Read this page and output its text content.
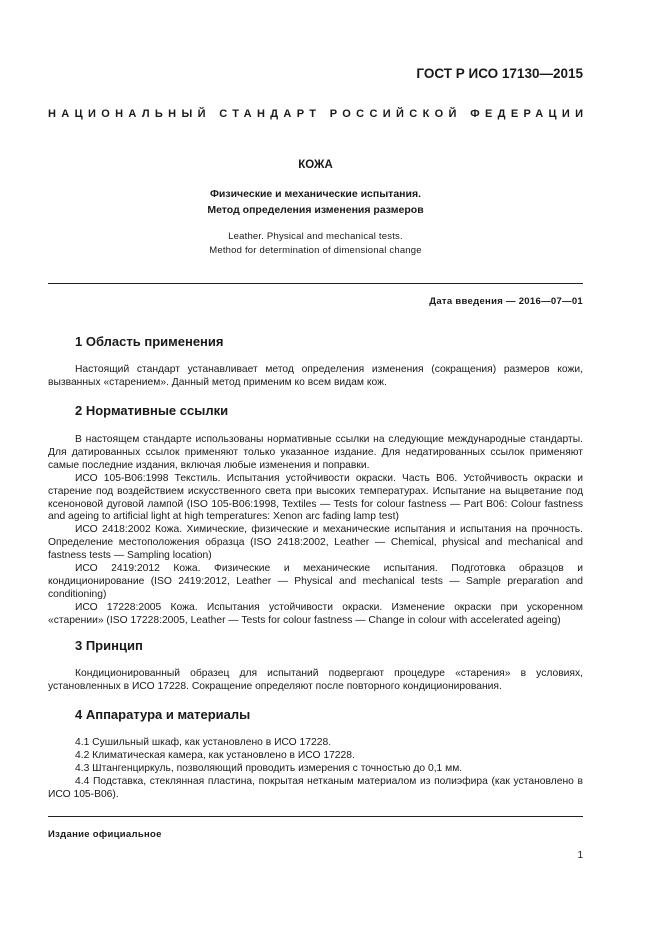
ГОСТ Р ИСО 17130—2015
НАЦИОНАЛЬНЫЙ СТАНДАРТ РОССИЙСКОЙ ФЕДЕРАЦИИ
КОЖА
Физические и механические испытания.
Метод определения изменения размеров
Leather. Physical and mechanical tests.
Method for determination of dimensional change
Дата введения — 2016—07—01
1 Область применения

Настоящий стандарт устанавливает метод определения изменения (сокращения) размеров кожи, вызванных «старением». Данный метод применим ко всем видам кож.

2 Нормативные ссылки

В настоящем стандарте использованы нормативные ссылки на следующие международные стандарты. Для датированных ссылок применяют только указанное издание. Для недатированных ссылок применяют самые последние издания, включая любые изменения и поправки.

ИСО 105-B06:1998 Текстиль. Испытания устойчивости окраски. Часть B06. Устойчивость окраски и старение под воздействием искусственного света при высоких температурах. Испытание на выцветание под ксеноновой дуговой лампой (ISO 105-B06:1998, Textiles — Tests for colour fastness — Part B06: Colour fastness and ageing to artificial light at high temperatures: Xenon arc fading lamp test)

ИСО 2418:2002 Кожа. Химические, физические и механические испытания и испытания на прочность. Определение местоположения образца (ISO 2418:2002, Leather — Chemical, physical and mechanical and fastness tests — Sampling location)

ИСО 2419:2012 Кожа. Физические и механические испытания. Подготовка образцов и кондиционирование (ISO 2419:2012, Leather — Physical and mechanical tests — Sample preparation and conditioning)

ИСО 17228:2005 Кожа. Испытания устойчивости окраски. Изменение окраски при ускоренном «старении» (ISO 17228:2005, Leather — Tests for colour fastness — Change in colour with accelerated ageing)

3 Принцип

Кондиционированный образец для испытаний подвергают процедуре «старения» в условиях, установленных в ИСО 17228. Сокращение определяют после повторного кондиционирования.

4 Аппаратура и материалы

4.1 Сушильный шкаф, как установлено в ИСО 17228.

4.2 Климатическая камера, как установлено в ИСО 17228.

4.3 Штангенциркуль, позволяющий проводить измерения с точностью до 0,1 мм.

4.4 Подставка, стеклянная пластина, покрытая нетканым материалом из полиэфира (как установлено в ИСО 105-B06).

Издание официальное
1
